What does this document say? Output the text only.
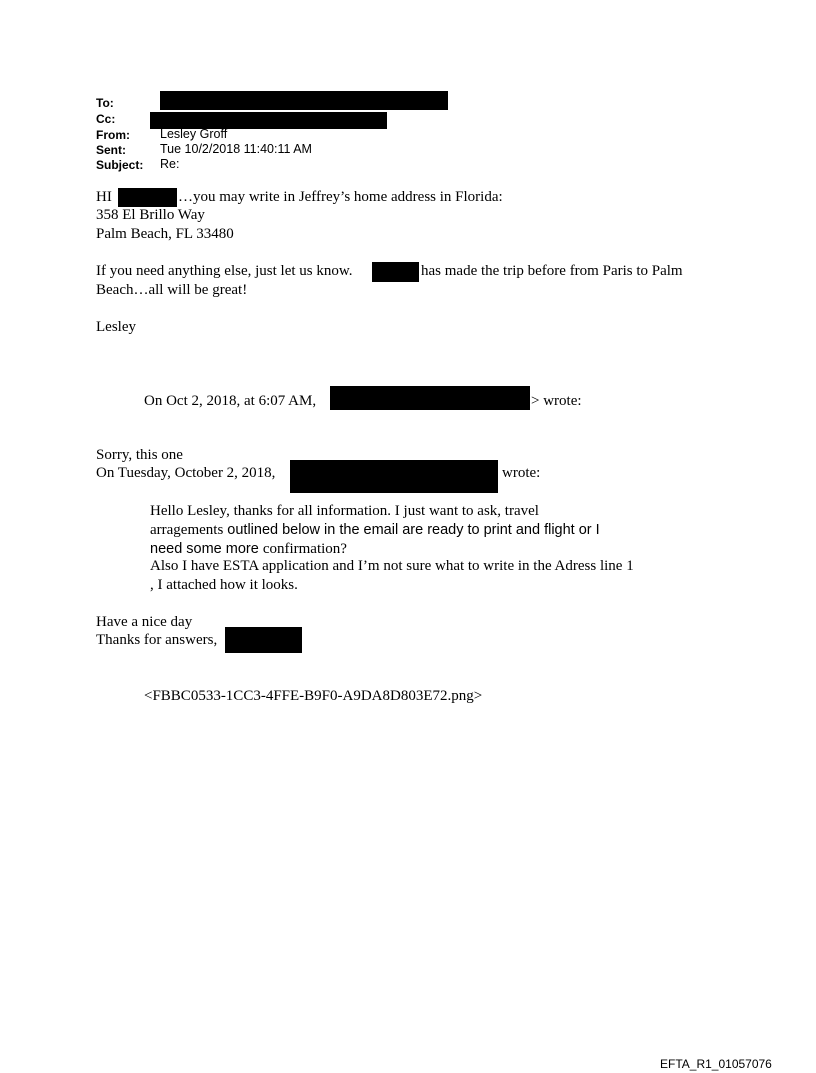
To:
Cc:
From: Lesley Groff
Sent:	Tue 10/2/2018 11:40:11 AM
Subject: Re:
HI	…you may write in Jeffrey’s home address in Florida:
358 El Brillo Way
Palm Beach, FL 33480
If you need anything else, just let us know.	has made the trip before from Paris to Palm
Beach…all will be great!
Lesley
On Oct 2, 2018, at 6:07 AM,	> wrote:
Sorry, this one
On Tuesday, October 2, 2018,	wrote:
Hello Lesley, thanks for all information. I just want to ask, travel
arragements outlined below in the email are ready to print and flight or I
need some more confirmation?
Also I have ESTA application and I’m not sure what to write in the Adress line 1
, I attached how it looks.
Have a nice day
Thanks for answers,
<FBBC0533-1CC3-4FFE-B9F0-A9DA8D803E72.png>
EFTA_R1_01057076
